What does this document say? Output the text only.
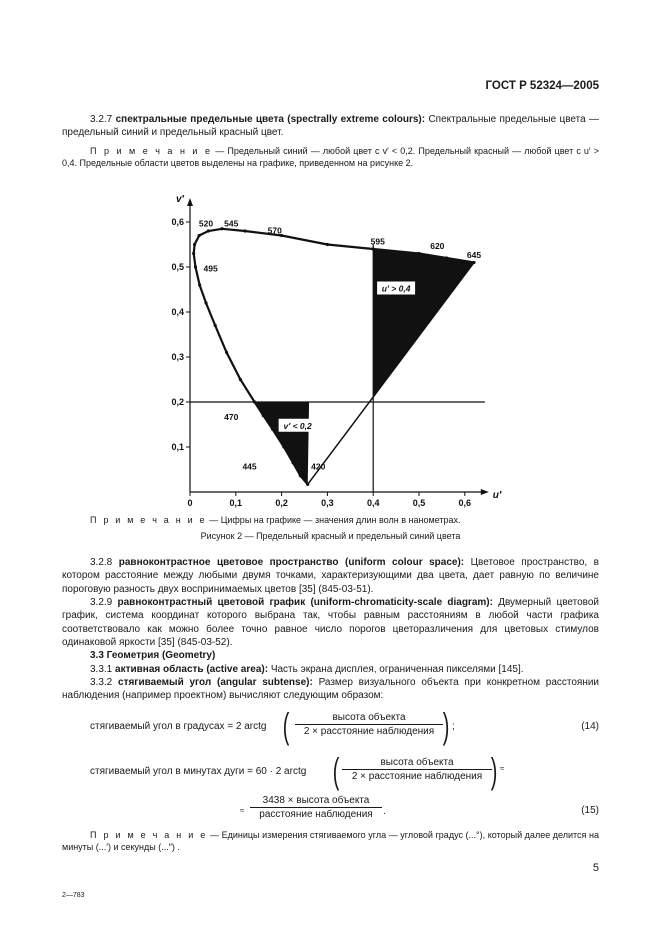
ГОСТ Р 52324—2005
3.2.7 спектральные предельные цвета (spectrally extreme colours): Спектральные предельные цвета — предельный синий и предельный красный цвет.
П р и м е ч а н и е — Предельный синий — любой цвет с v′ < 0,2. Предельный красный — любой цвет с u′ > 0,4. Предельные области цветов выделены на графике, приведенном на рисунке 2.
0	0,1	0,2	0,3	0,4	0,5	0,6
0,1
0,2
0,3
0,4
0,5
0,6
u′
v′
520 545
570
595	620
645
495
470
445	420
u′ > 0,4
v′ < 0,2
П р и м е ч а н и е — Цифры на графике — значения длин волн в нанометрах.
Рисунок 2 — Предельный красный и предельный синий цвета
3.2.8 равноконтрастное цветовое пространство (uniform colour space): Цветовое пространство, в котором расстояние между любыми двумя точками, характеризующими два цвета, дает равную по величине пороговую разность двух воспринимаемых цветов [35] (845-03-51).
3.2.9 равноконтрастный цветовой график (uniform-chromaticity-scale diagram): Двумерный цветовой график, система координат которого выбрана так, чтобы равным расстояниям в любой части графика соответствовало как можно более точно равное число порогов цветоразличения для цветовых стимулов одинаковой яркости [35] (845-03-52).
3.3 Геометрия (Geometry)
3.3.1 активная область (active area): Часть экрана дисплея, ограниченная пикселями [145].
3.3.2 стягиваемый угол (angular subtense): Размер визуального объекта при конкретном расстоянии наблюдения (например проектном) вычисляют следующим образом:
стягиваемый угол в градусах = 2 arctg (	высота объекта
2 × расстояние наблюдения ) ;	(14)
стягиваемый угол в минутах дуги = 60 · 2 arctg (	высота объекта
2 × расстояние наблюдения ) ≈
≈
3438 × высота объекта
расстояние наблюдения	.	(15)
П р и м е ч а н и е — Единицы измерения стягиваемого угла — угловой градус (...°), который далее делится на минуты (...′) и секунды (...″) .
5
2—783
